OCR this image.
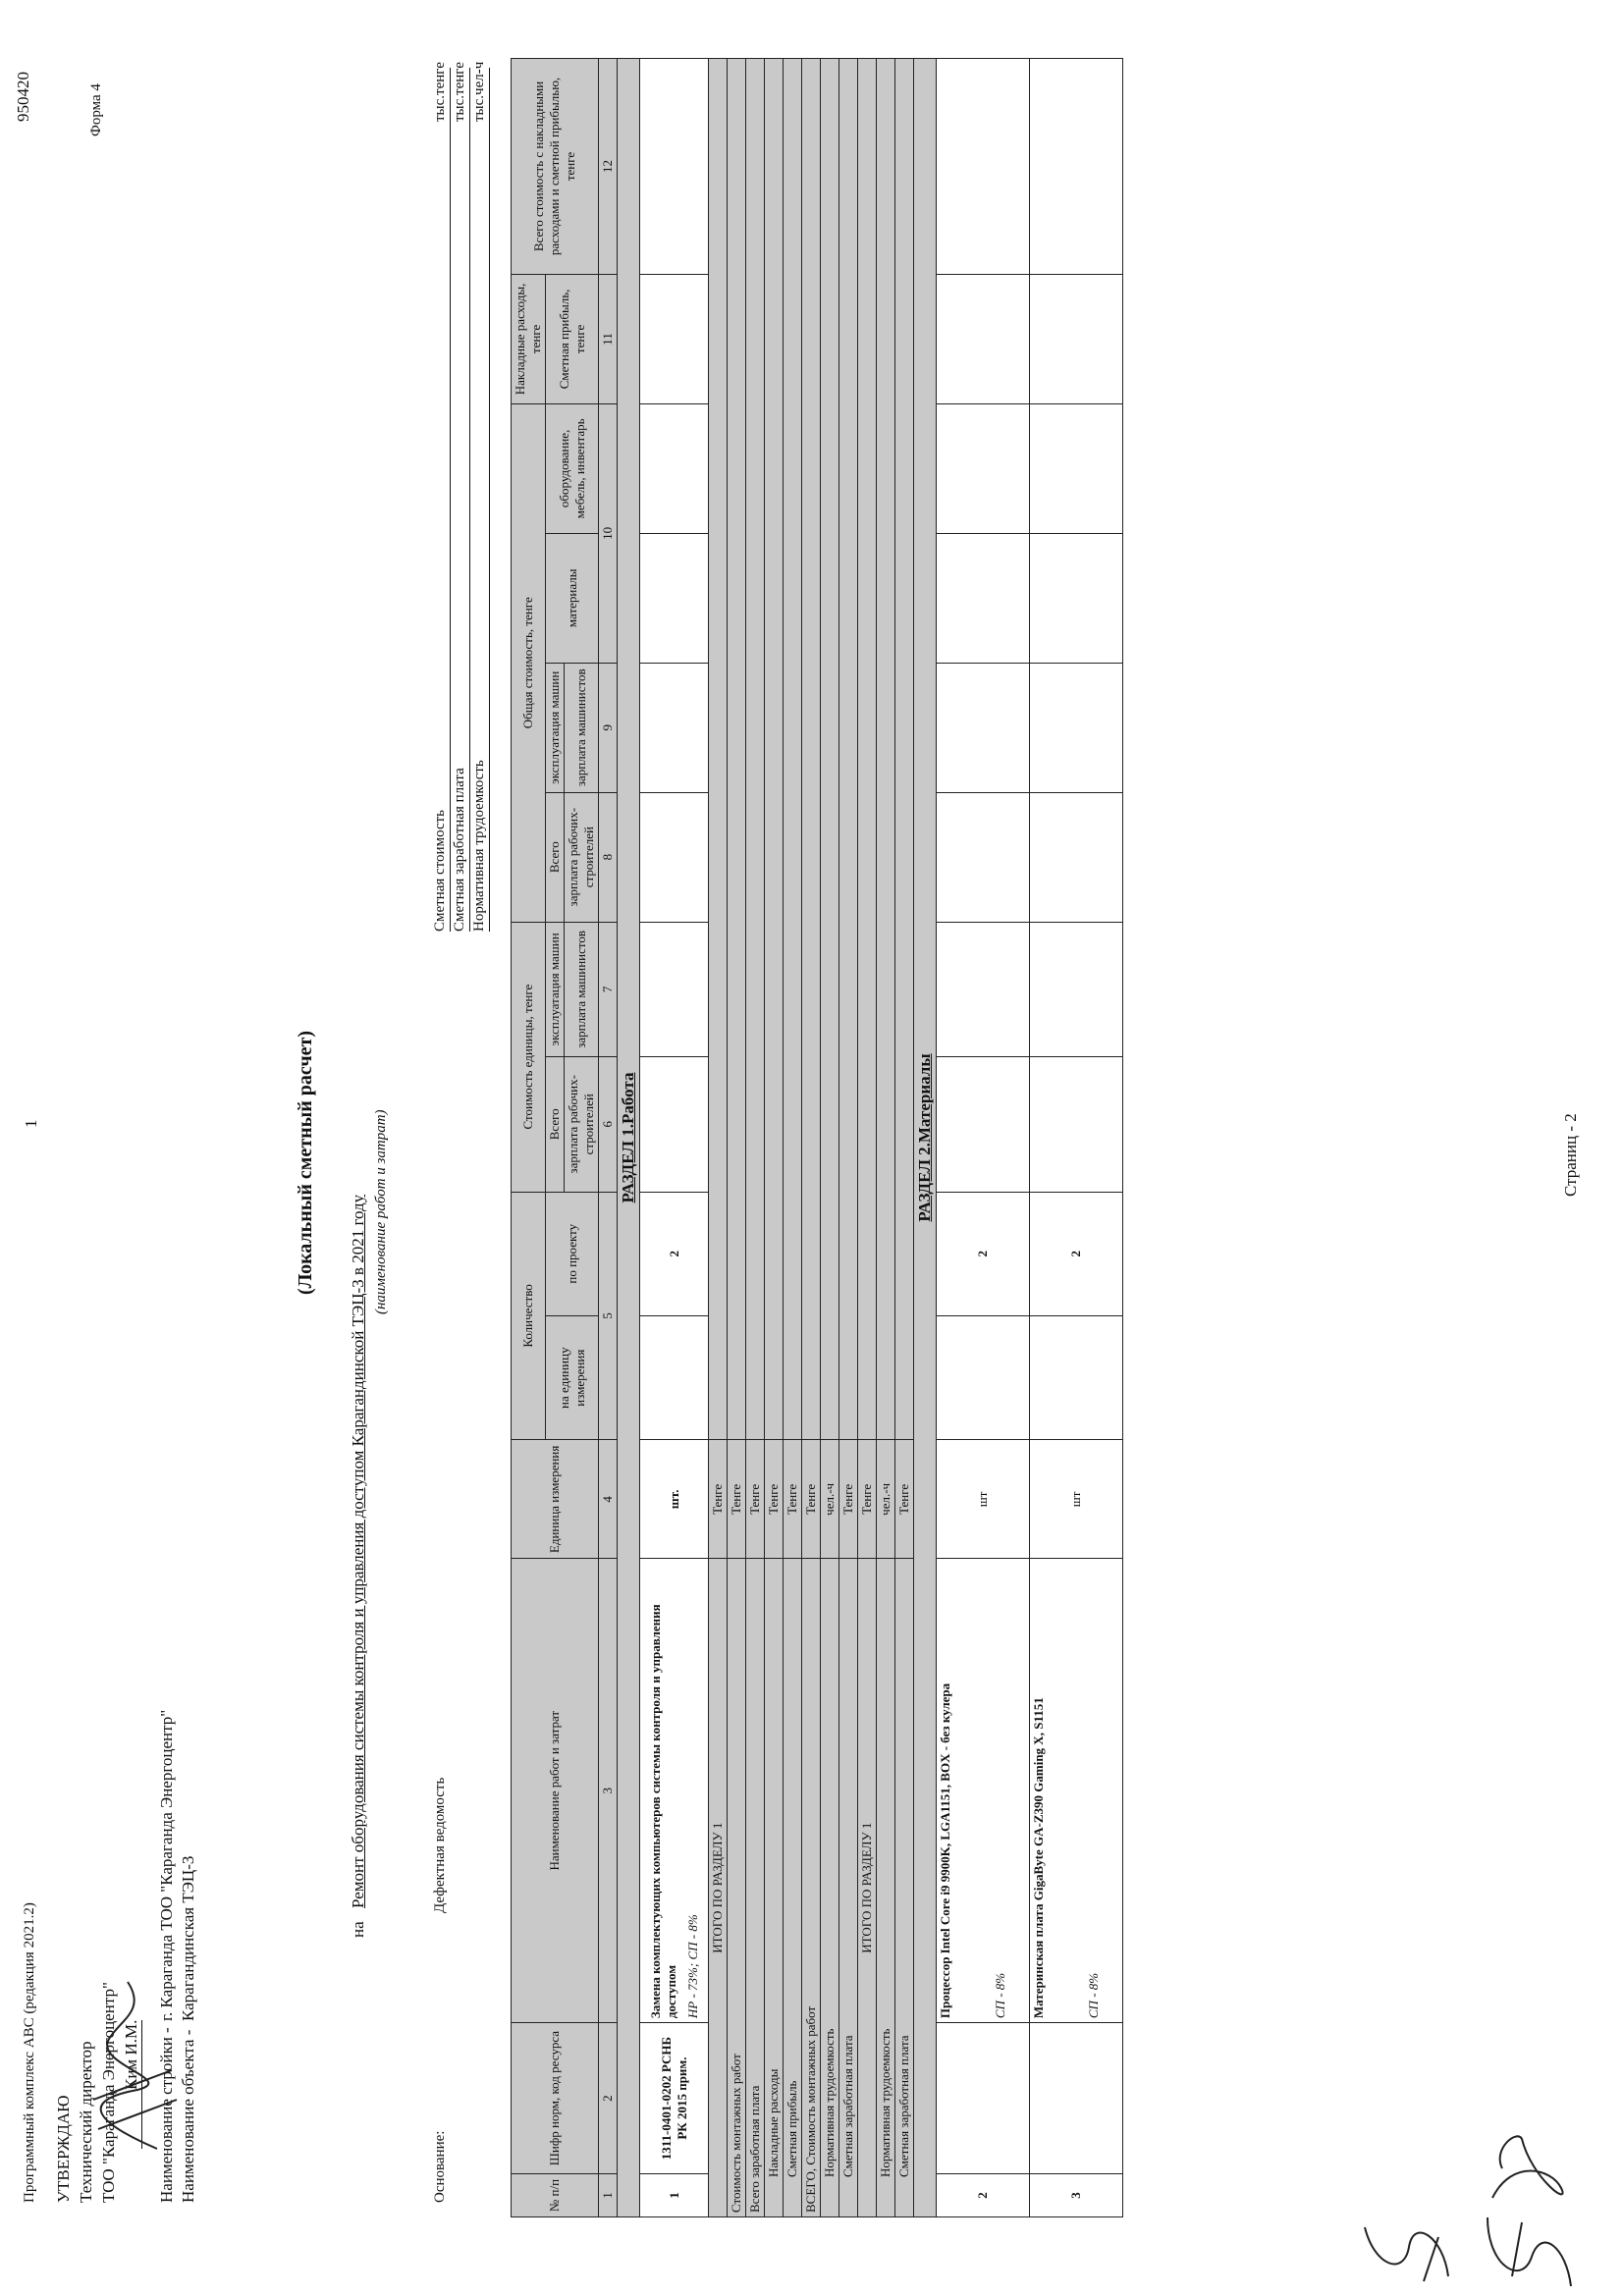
Программный комплекс АВС (редакция 2021.2)
1
950420	Форма 4
УТВЕРЖДАЮ Технический директор ТОО "Караганда Энергоцентр" Ким И.М. Наименование стройки -
г. Караганда ТОО "Караганда Энергоцентр"
Наименование объекта -
Карагандинская ТЭЦ-3
(Локальный сметный расчет)
на
Ремонт оборудования системы контроля и управления доступом Карагандинской ТЭЦ-3 в 2021 году (наименование работ и затрат)
Основание:
Дефектная ведомость
Сметная стоимость Сметная заработная плата Нормативная трудоемкость
тыс.тенге тыс.тенге тыс.чел-ч
№ п/п	Шифр норм, код ресурса	Наименование работ и затрат	Единица измерения	Количество		Стоимость единицы, тенге		Общая стоимость, тенге				Накладные расходы, тенге	Всего стоимость с накладными расходами и сметной прибылью, тенге
				на единицу измерения	по проекту	Всего	эксплуатация машин	Всего	эксплуатация машин	материалы	оборудование, мебель, инвентарь	Сметная прибыль, тенге	
						зарплата рабочих-строителей	зарплата машинистов	зарплата рабочих-строителей	зарплата машинистов				
1	2	3	4	5		6	7	8	9	10		11	12
РАЗДЕЛ 1.Работа													
1	1311-0401-0202 РСНБ РК 2015 прим.	Замена комплектующих компьютеров системы контроля и управления доступом НР - 73%; СП - 8%	шт.		2								
ИТОГО ПО РАЗДЕЛУ 1			Тенге										
Стоимость монтажных работ			Тенге										
Всего заработная плата			Тенге										
Накладные расходы			Тенге										
Сметная прибыль			Тенге										
ВСЕГО, Стоимость монтажных работ			Тенге										
Нормативная трудоемкость			чел.-ч										
Сметная заработная плата			Тенге										
ИТОГО ПО РАЗДЕЛУ 1			Тенге										
Нормативная трудоемкость			чел.-ч										
Сметная заработная плата			Тенге										
РАЗДЕЛ 2.Материалы													
2		Процессор Intel Core i9 9900K, LGA1151, BOX - без кулера СП - 8%	шт		2								
3		Материнская плата GigaByte GA-Z390 Gaming X, S1151 СП - 8%	шт		2								
Страниц - 2
